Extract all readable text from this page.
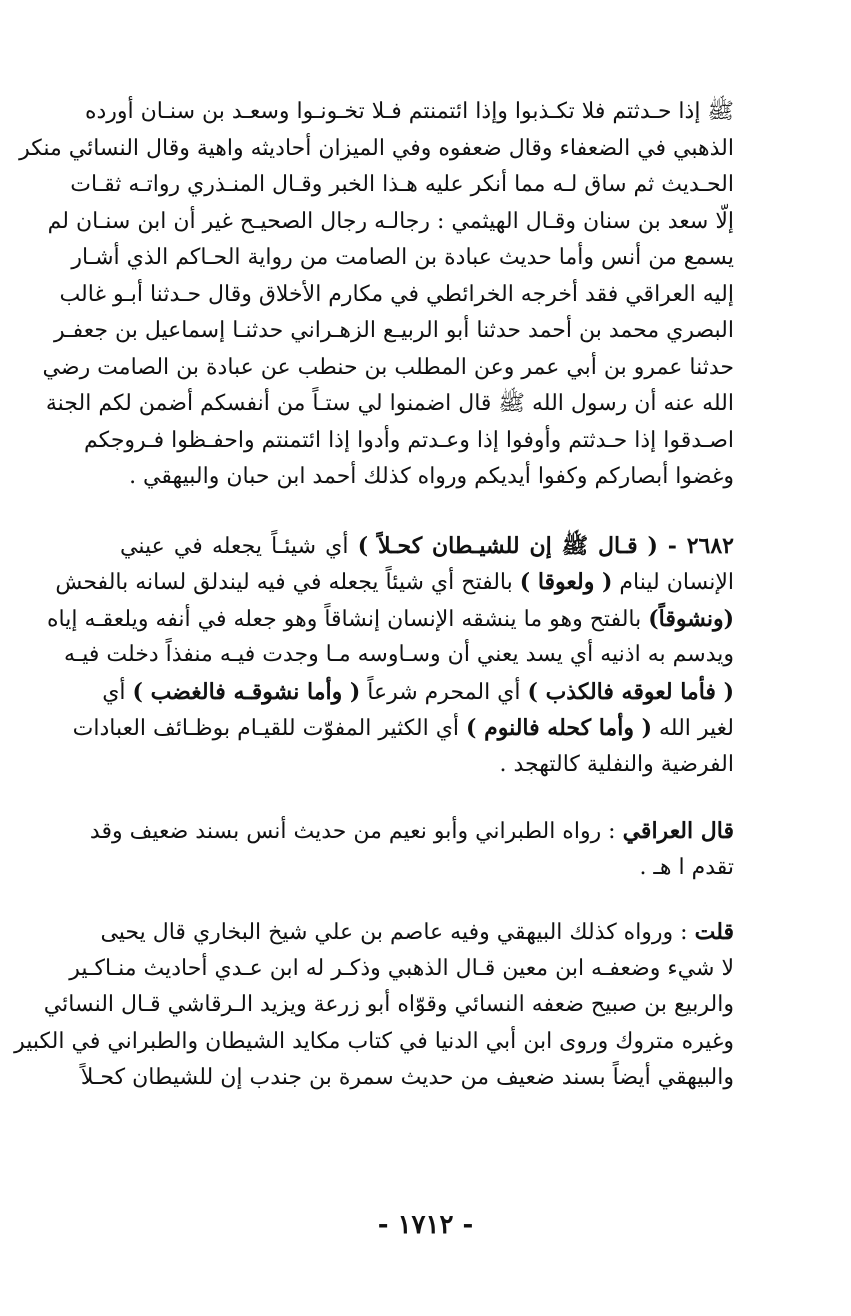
ﷺ إذا حـدثتم فلا تكـذبوا وإذا ائتمنتم فـلا تخـونـوا وسعـد بن سنـان أورده
الذهبي في الضعفاء وقال ضعفوه وفي الميزان أحاديثه واهية وقال النسائي منكر
الحـديث ثم ساق لـه مما أنكر عليه هـذا الخبر وقـال المنـذري رواتـه ثقـات
إلّا سعد بن سنان وقـال الهيثمي : رجالـه رجال الصحيـح غير أن ابن سنـان لم
يسمع من أنس وأما حديث عبادة بن الصامت من رواية الحـاكم الذي أشـار
إليه العراقي فقد أخرجه الخرائطي في مكارم الأخلاق وقال حـدثنا أبـو غالب
البصري محمد بن أحمد حدثنا أبو الربيـع الزهـراني حدثنـا إسماعيل بن جعفـر
حدثنا عمرو بن أبي عمر وعن المطلب بن حنطب عن عبادة بن الصامت رضي
الله عنه أن رسول الله ﷺ قال اضمنوا لي ستـاً من أنفسكم أضمن لكم الجنة
اصـدقوا إذا حـدثتم وأوفوا إذا وعـدتم وأدوا إذا ائتمنتم واحفـظوا فـروجكم
وغضوا أبصاركم وكفوا أيديكم ورواه كذلك أحمد ابن حبان والبيهقي .
٢٦٨٢ - ( قـال ﷺ إن للشيـطان كحـلاً ) أي شيئـاً يجعله في عيني
الإنسان لينام ( ولعوقا ) بالفتح أي شيئاً يجعله في فيه ليندلق لسانه بالفحش
(ونشوقاً) بالفتح وهو ما ينشقه الإنسان إنشاقاً وهو جعله في أنفه ويلعقـه إياه
ويدسم به اذنيه أي يسد يعني أن وسـاوسه مـا وجدت فيـه منفذاً دخلت فيـه
( فأما لعوقه فالكذب ) أي المحرم شرعاً ( وأما نشوقـه فالغضب ) أي
لغير الله ( وأما كحله فالنوم ) أي الكثير المفوّت للقيـام بوظـائف العبادات
الفرضية والنفلية كالتهجد .
قال العراقي : رواه الطبراني وأبو نعيم من حديث أنس بسند ضعيف وقد
تقدم ا هـ .
قلت : ورواه كذلك البيهقي وفيه عاصم بن علي شيخ البخاري قال يحيى
لا شيء وضعفـه ابن معين قـال الذهبي وذكـر له ابن عـدي أحاديث منـاكـير
والربيع بن صبيح ضعفه النسائي وقوّاه أبو زرعة ويزيد الـرقاشي قـال النسائي
وغيره متروك وروى ابن أبي الدنيا في كتاب مكايد الشيطان والطبراني في الكبير
والبيهقي أيضاً بسند ضعيف من حديث سمرة بن جندب إن للشيطان كحـلاً
- ١٧١٢ -
